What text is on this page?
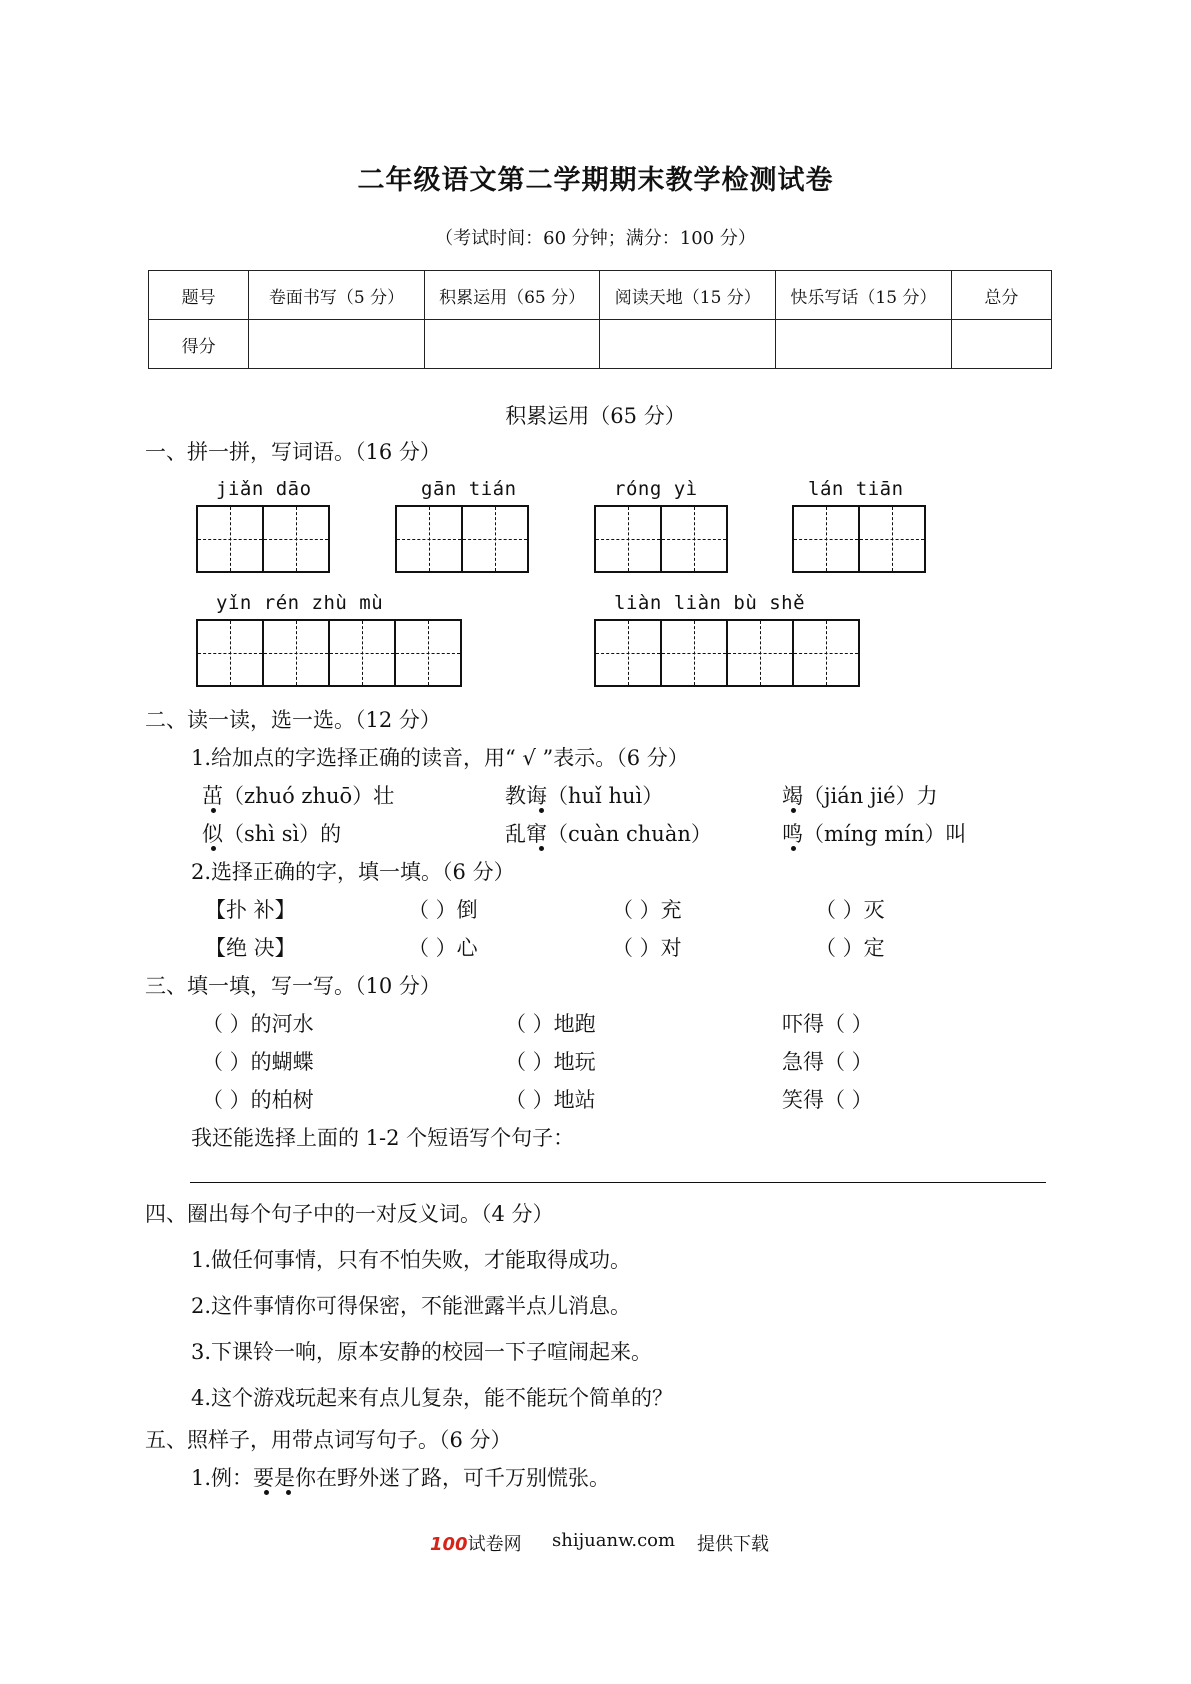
二年级语文第二学期期末教学检测试卷
（考试时间：60 分钟；满分：100 分）
题号	卷面书写（5 分）	积累运用（65 分）	阅读天地（15 分）	快乐写话（15 分）	总分
得分					
积累运用（65 分）
一、拼一拼，写词语。（16 分）
jiǎn dāo	gān tián	róng yì	lán tiān
yǐn rén zhù mù	liàn liàn bù shě
二、读一读，选一选。（12 分）
1.给加点的字选择正确的读音，用“ √ ”表示。（6 分）
茁（zhuó zhuō）壮	教诲（huǐ huì）	竭（jián jié）力
似（shì sì）的	乱窜（cuàn chuàn）	鸣（míng mín）叫
2.选择正确的字，填一填。（6 分）
【扑 补】	（ ）倒	（ ）充	（ ）灭
【绝 决】	（ ）心	（ ）对	（ ）定
三、填一填，写一写。（10 分）
（ ）的河水	（ ）地跑	吓得（ ）
（ ）的蝴蝶	（ ）地玩	急得（ ）
（ ）的柏树	（ ）地站	笑得（ ）
我还能选择上面的 1-2 个短语写个句子：
四、圈出每个句子中的一对反义词。（4 分）
1.做任何事情，只有不怕失败，才能取得成功。
2.这件事情你可得保密，不能泄露半点儿消息。
3.下课铃一响，原本安静的校园一下子喧闹起来。
4.这个游戏玩起来有点儿复杂，能不能玩个简单的？
五、照样子，用带点词写句子。（6 分）
1.例：要是你在野外迷了路，可千万别慌张。
100试卷网 shijuanw.com 提供下载
